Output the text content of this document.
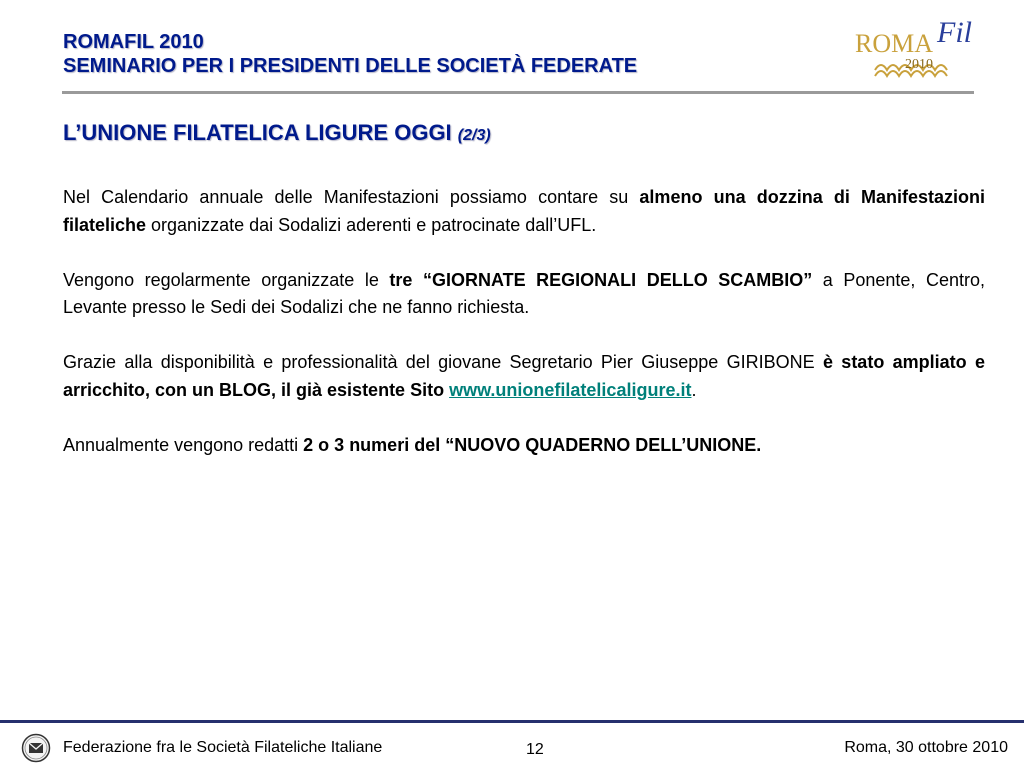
ROMAFIL 2010
SEMINARIO PER I PRESIDENTI DELLE SOCIETÀ FEDERATE
ROMA Fil
2010
L’UNIONE FILATELICA LIGURE OGGI (2/3)

Nel Calendario annuale delle Manifestazioni possiamo contare su almeno una dozzina di Manifestazioni filateliche organizzate dai Sodalizi aderenti e patrocinate dall’UFL.

Vengono regolarmente organizzate le tre “GIORNATE REGIONALI DELLO SCAMBIO” a Ponente, Centro, Levante presso le Sedi dei Sodalizi che ne fanno richiesta.

Grazie alla disponibilità e professionalità del giovane Segretario Pier Giuseppe GIRIBONE è stato ampliato e arricchito, con un BLOG, il già esistente Sito www.unionefilatelicaligure.it.

Annualmente vengono redatti 2 o 3 numeri del “NUOVO QUADERNO DELL’UNIONE.

Federazione fra le Società Filateliche Italiane	12	Roma, 30 ottobre 2010
